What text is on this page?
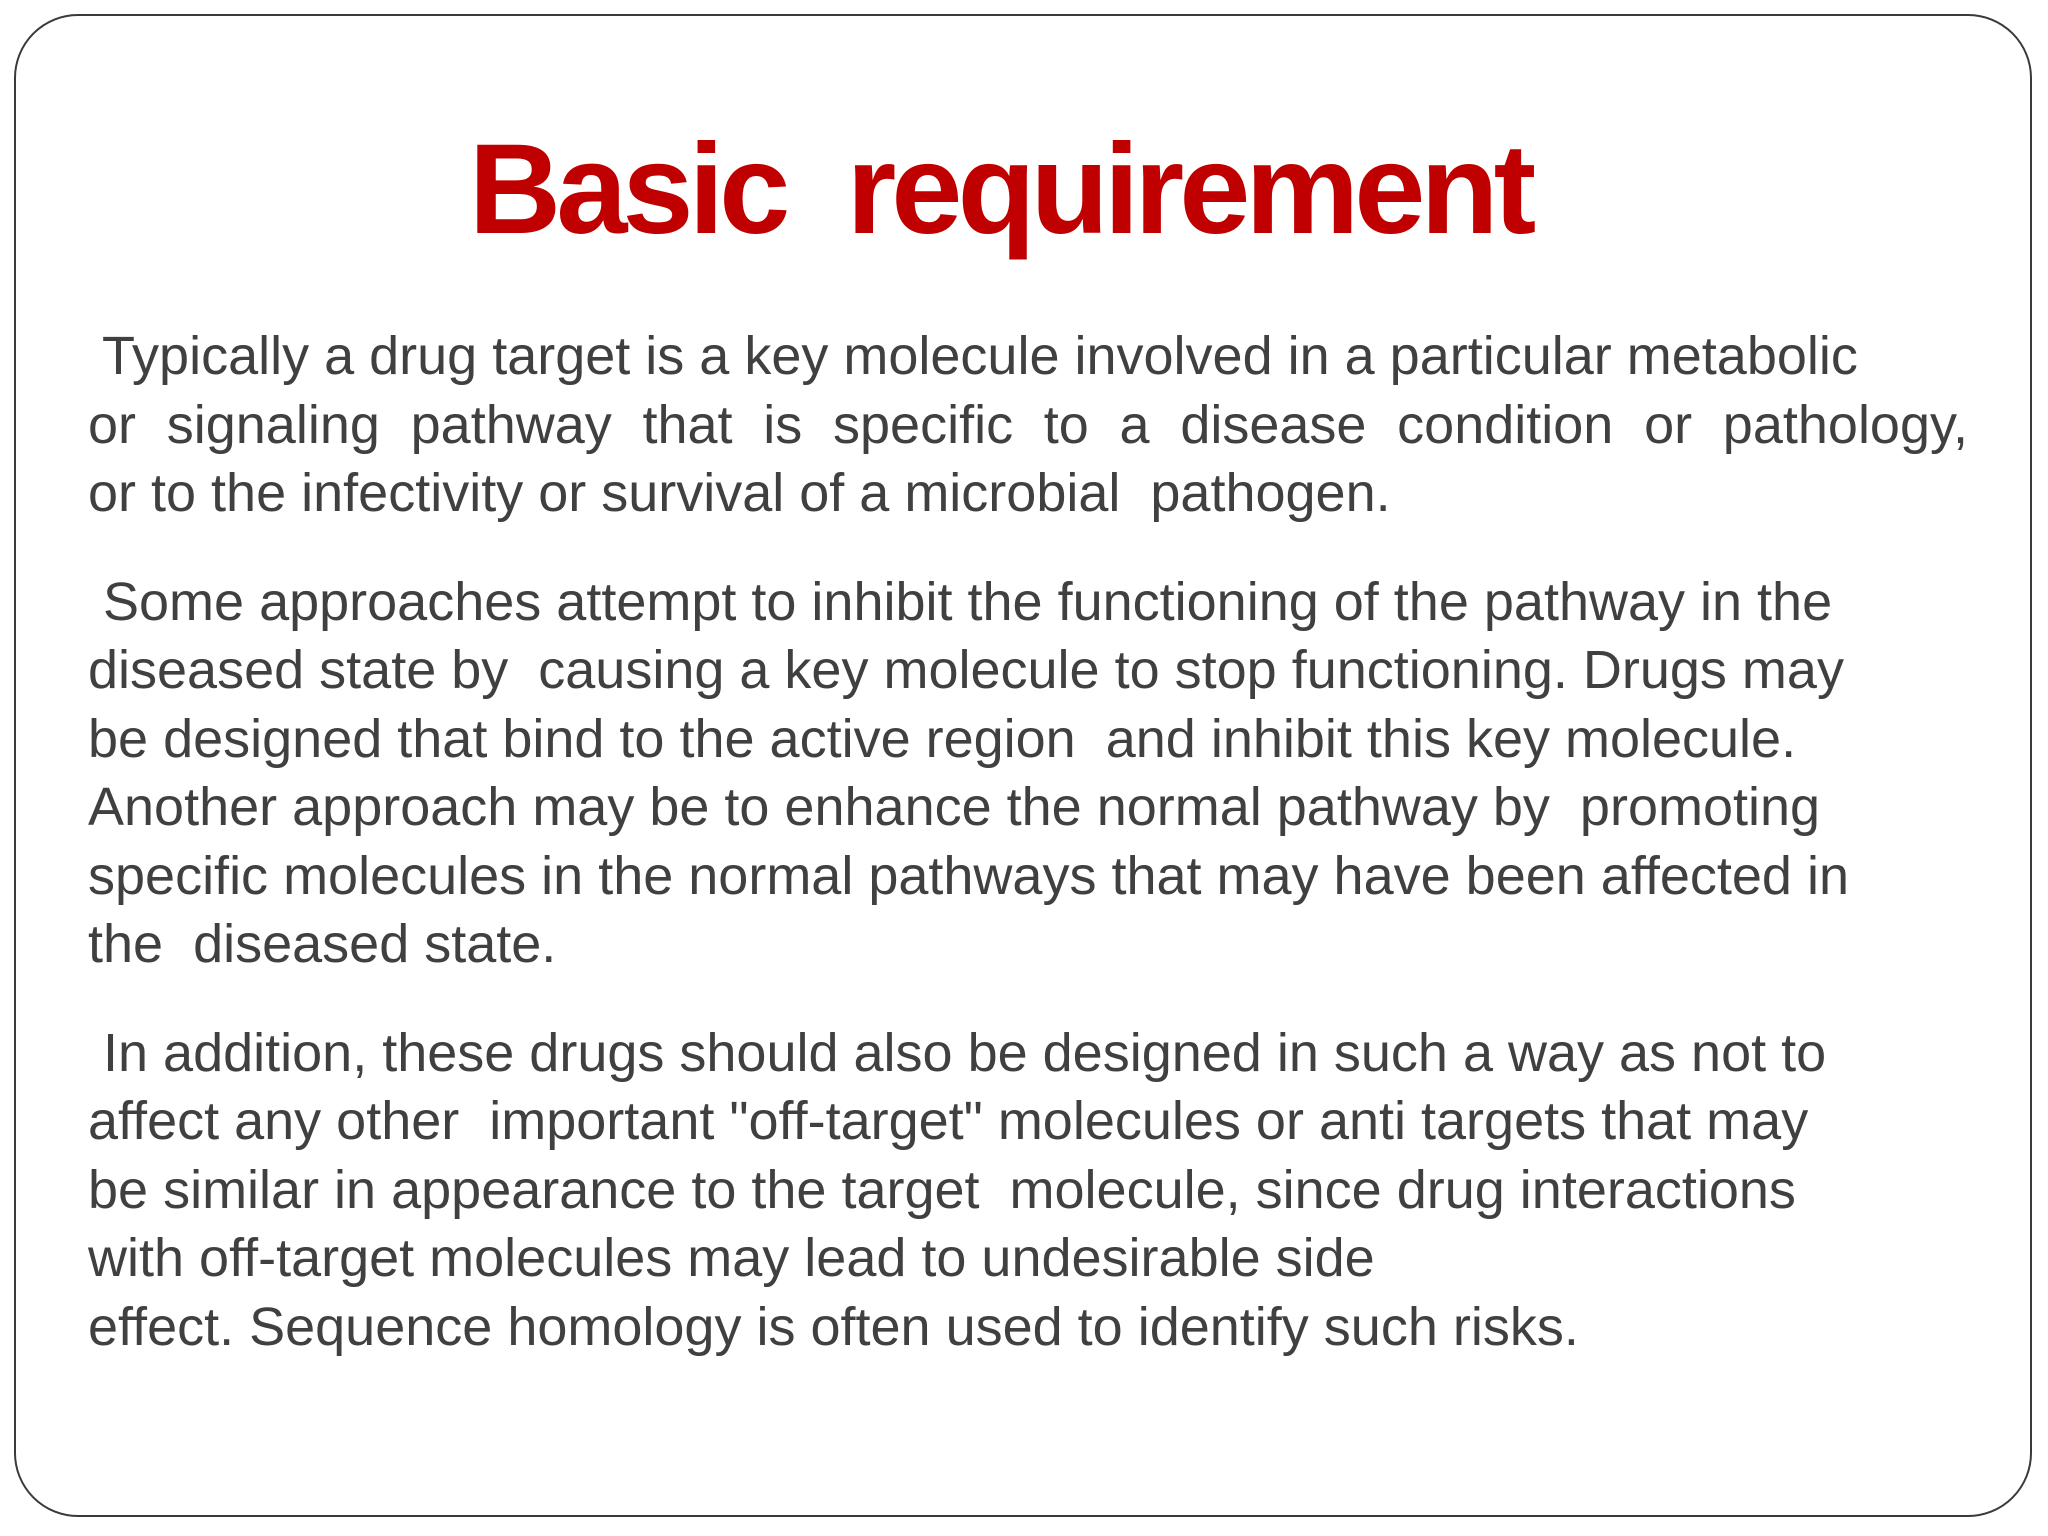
Basic  requirement

Typically a drug target is a key molecule involved in a particular metabolic
or signaling pathway that is specific to a disease condition or pathology,
or to the infectivity or survival of a microbial  pathogen.

Some approaches attempt to inhibit the functioning of the pathway in the
diseased state by  causing a key molecule to stop functioning. Drugs may
be designed that bind to the active region  and inhibit this key molecule.
Another approach may be to enhance the normal pathway by  promoting
specific molecules in the normal pathways that may have been affected in
the  diseased state.

In addition, these drugs should also be designed in such a way as not to
affect any other  important "off-target" molecules or anti targets that may
be similar in appearance to the target  molecule, since drug interactions
with off-target molecules may lead to undesirable side
effect. Sequence homology is often used to identify such risks.
